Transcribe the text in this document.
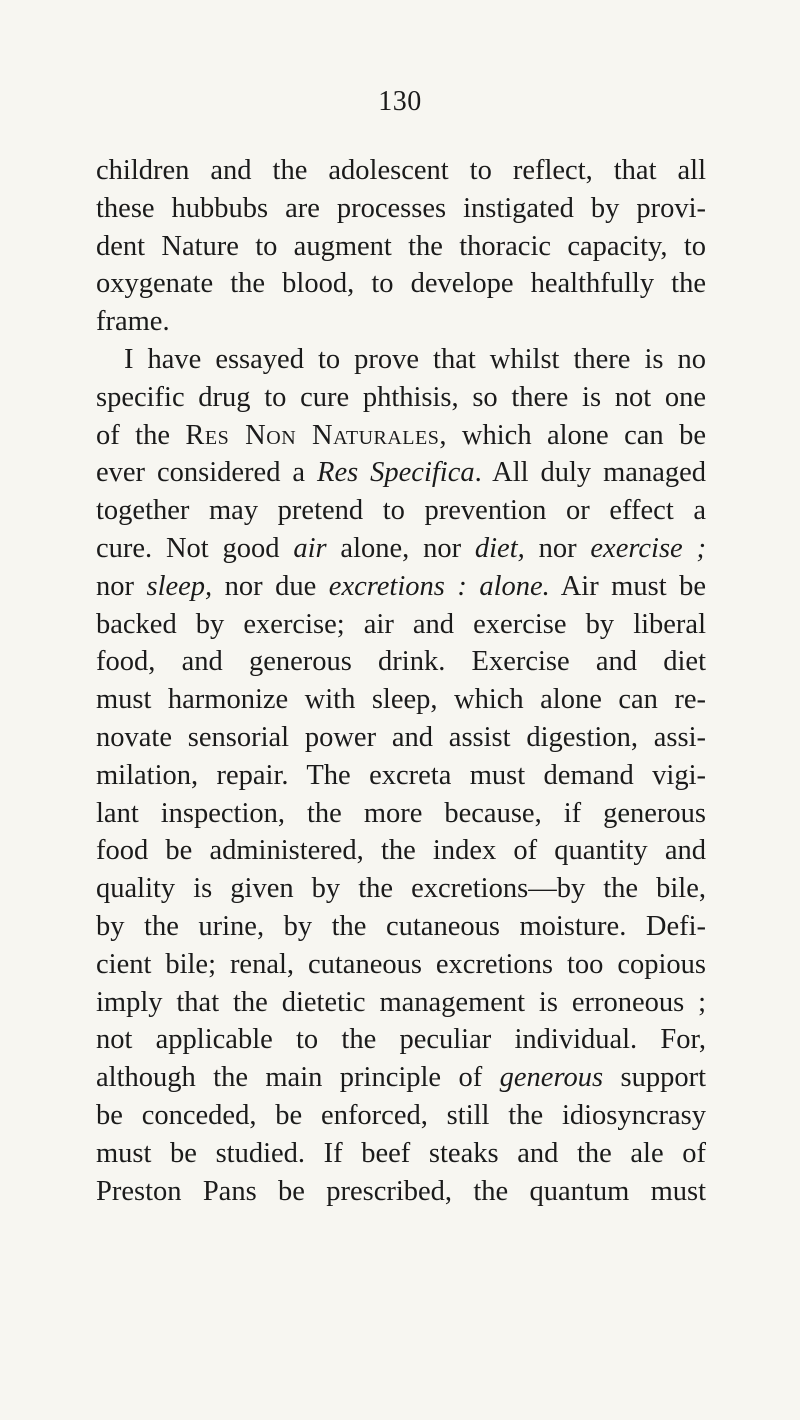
130
children and the adolescent to reflect, that all
these hubbubs are processes instigated by provi-
dent Nature to augment the thoracic capacity, to
oxygenate the blood, to develope healthfully the
frame.
I have essayed to prove that whilst there is no
specific drug to cure phthisis, so there is not one
of the Res Non Naturales, which alone can be
ever considered a Res Specifica. All duly managed
together may pretend to prevention or effect a
cure. Not good air alone, nor diet, nor exercise ;
nor sleep, nor due excretions : alone. Air must be
backed by exercise; air and exercise by liberal
food, and generous drink. Exercise and diet
must harmonize with sleep, which alone can re-
novate sensorial power and assist digestion, assi-
milation, repair. The excreta must demand vigi-
lant inspection, the more because, if generous
food be administered, the index of quantity and
quality is given by the excretions—by the bile,
by the urine, by the cutaneous moisture. Defi-
cient bile; renal, cutaneous excretions too copious
imply that the dietetic management is erroneous ;
not applicable to the peculiar individual. For,
although the main principle of generous support
be conceded, be enforced, still the idiosyncrasy
must be studied. If beef steaks and the ale of
Preston Pans be prescribed, the quantum must
